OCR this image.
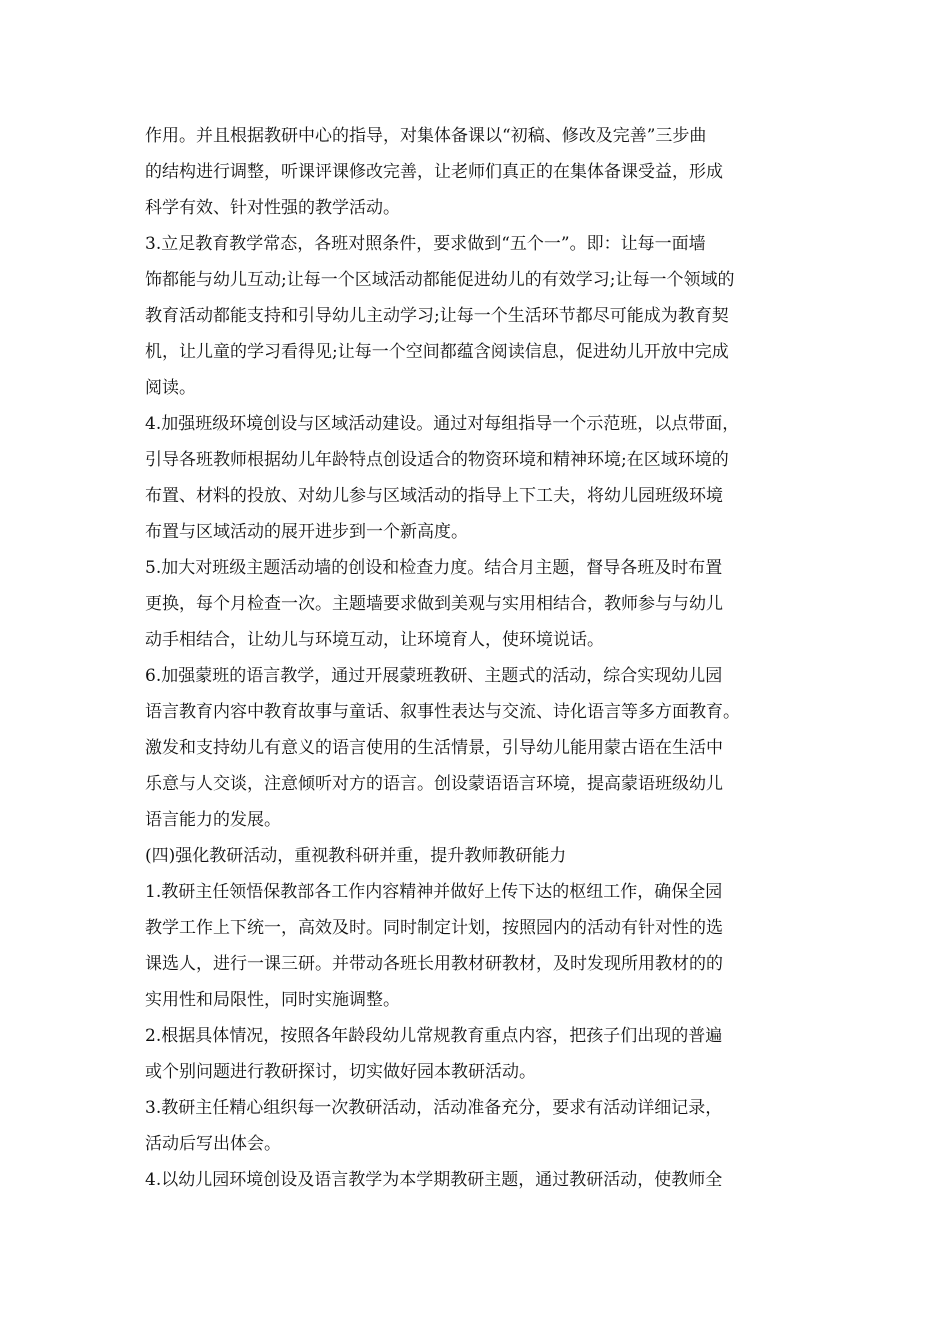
作用。并且根据教研中心的指导，对集体备课以“初稿、修改及完善”三步曲
的结构进行调整，听课评课修改完善，让老师们真正的在集体备课受益，形成
科学有效、针对性强的教学活动。
3.立足教育教学常态，各班对照条件，要求做到“五个一”。即：让每一面墙
饰都能与幼儿互动;让每一个区域活动都能促进幼儿的有效学习;让每一个领域的
教育活动都能支持和引导幼儿主动学习;让每一个生活环节都尽可能成为教育契
机，让儿童的学习看得见;让每一个空间都蕴含阅读信息，促进幼儿开放中完成
阅读。
4.加强班级环境创设与区域活动建设。通过对每组指导一个示范班，以点带面，
引导各班教师根据幼儿年龄特点创设适合的物资环境和精神环境;在区域环境的
布置、材料的投放、对幼儿参与区域活动的指导上下工夫，将幼儿园班级环境
布置与区域活动的展开进步到一个新高度。
5.加大对班级主题活动墙的创设和检查力度。结合月主题，督导各班及时布置
更换，每个月检查一次。主题墙要求做到美观与实用相结合，教师参与与幼儿
动手相结合，让幼儿与环境互动，让环境育人，使环境说话。
6.加强蒙班的语言教学，通过开展蒙班教研、主题式的活动，综合实现幼儿园
语言教育内容中教育故事与童话、叙事性表达与交流、诗化语言等多方面教育。
激发和支持幼儿有意义的语言使用的生活情景，引导幼儿能用蒙古语在生活中
乐意与人交谈，注意倾听对方的语言。创设蒙语语言环境，提高蒙语班级幼儿
语言能力的发展。
(四)强化教研活动，重视教科研并重，提升教师教研能力
1.教研主任领悟保教部各工作内容精神并做好上传下达的枢纽工作，确保全园
教学工作上下统一，高效及时。同时制定计划，按照园内的活动有针对性的选
课选人，进行一课三研。并带动各班长用教材研教材，及时发现所用教材的的
实用性和局限性，同时实施调整。
2.根据具体情况，按照各年龄段幼儿常规教育重点内容，把孩子们出现的普遍
或个别问题进行教研探讨，切实做好园本教研活动。
3.教研主任精心组织每一次教研活动，活动准备充分，要求有活动详细记录，
活动后写出体会。
4.以幼儿园环境创设及语言教学为本学期教研主题，通过教研活动，使教师全
